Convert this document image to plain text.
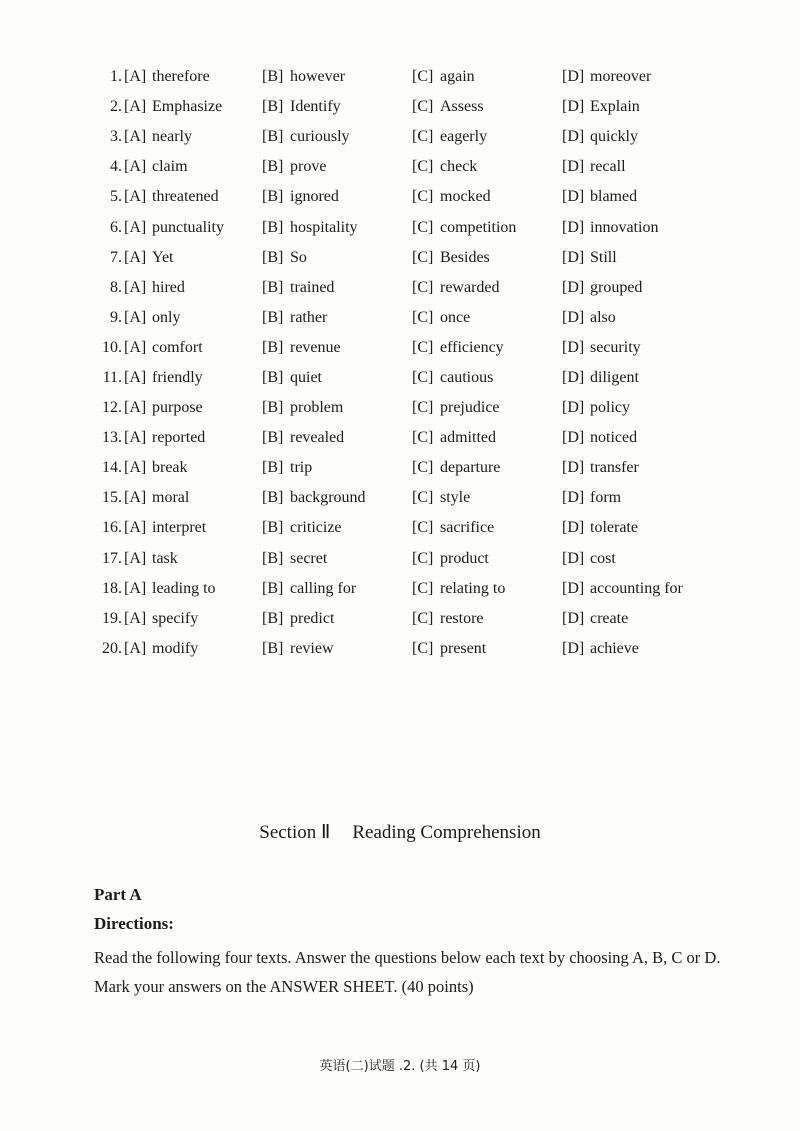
1. [A] therefore	[B] however	[C] again	[D] moreover
2. [A] Emphasize [B] Identify	[C] Assess	[D] Explain
3. [A] nearly	[B] curiously	[C] eagerly	[D] quickly
4. [A] claim	[B] prove	[C] check	[D] recall
5. [A] threatened	[B] ignored	[C] mocked	[D] blamed
6. [A] punctuality [B] hospitality	[C] competition	[D] innovation
7. [A] Yet	[B] So	[C] Besides	[D] Still
8. [A] hired	[B] trained	[C] rewarded	[D] grouped
9. [A] only	[B] rather	[C] once	[D] also
10. [A] comfort	[B] revenue	[C] efficiency	[D] security
11. [A] friendly	[B] quiet	[C] cautious	[D] diligent
12. [A] purpose	[B] problem	[C] prejudice	[D] policy
13. [A] reported	[B] revealed	[C] admitted	[D] noticed
14. [A] break	[B] trip	[C] departure	[D] transfer
15. [A] moral	[B] background	[C] style	[D] form
16. [A] interpret	[B] criticize	[C] sacrifice	[D] tolerate
17. [A] task	[B] secret	[C] product	[D] cost
18. [A] leading to	[B] calling for	[C] relating to	[D] accounting for
19. [A] specify	[B] predict	[C] restore	[D] create
20. [A] modify	[B] review	[C] present	[D] achieve
Section Ⅱ Reading Comprehension
Part A
Directions:
Read the following four texts. Answer the questions below each text by choosing A, B, C or D. Mark your answers on the ANSWER SHEET. (40 points)
英语(二)试题 .2. (共 14 页)
